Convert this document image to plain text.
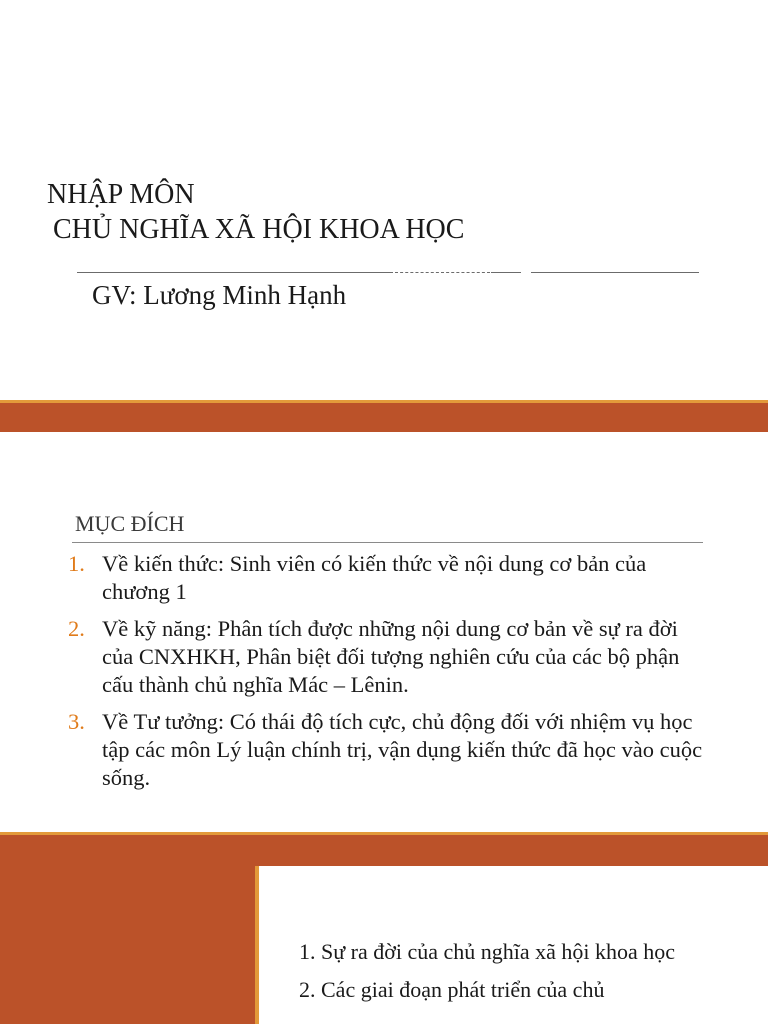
NHẬP MÔN
CHỦ NGHĨA XÃ HỘI KHOA HỌC
GV: Lương Minh Hạnh
MỤC ĐÍCH
1. Về kiến thức: Sinh viên có kiến thức về nội dung cơ bản của chương 1
2. Về kỹ năng: Phân tích được những nội dung cơ bản về sự ra đời của CNXHKH, Phân biệt đối tượng nghiên cứu của các bộ phận cấu thành chủ nghĩa Mác – Lênin.
3. Về Tư tưởng: Có thái độ tích cực, chủ động đối với nhiệm vụ học tập các môn Lý luận chính trị, vận dụng kiến thức đã học vào cuộc sống.
1. Sự ra đời của chủ nghĩa xã hội khoa học
2. Các giai đoạn phát triển của chủ
